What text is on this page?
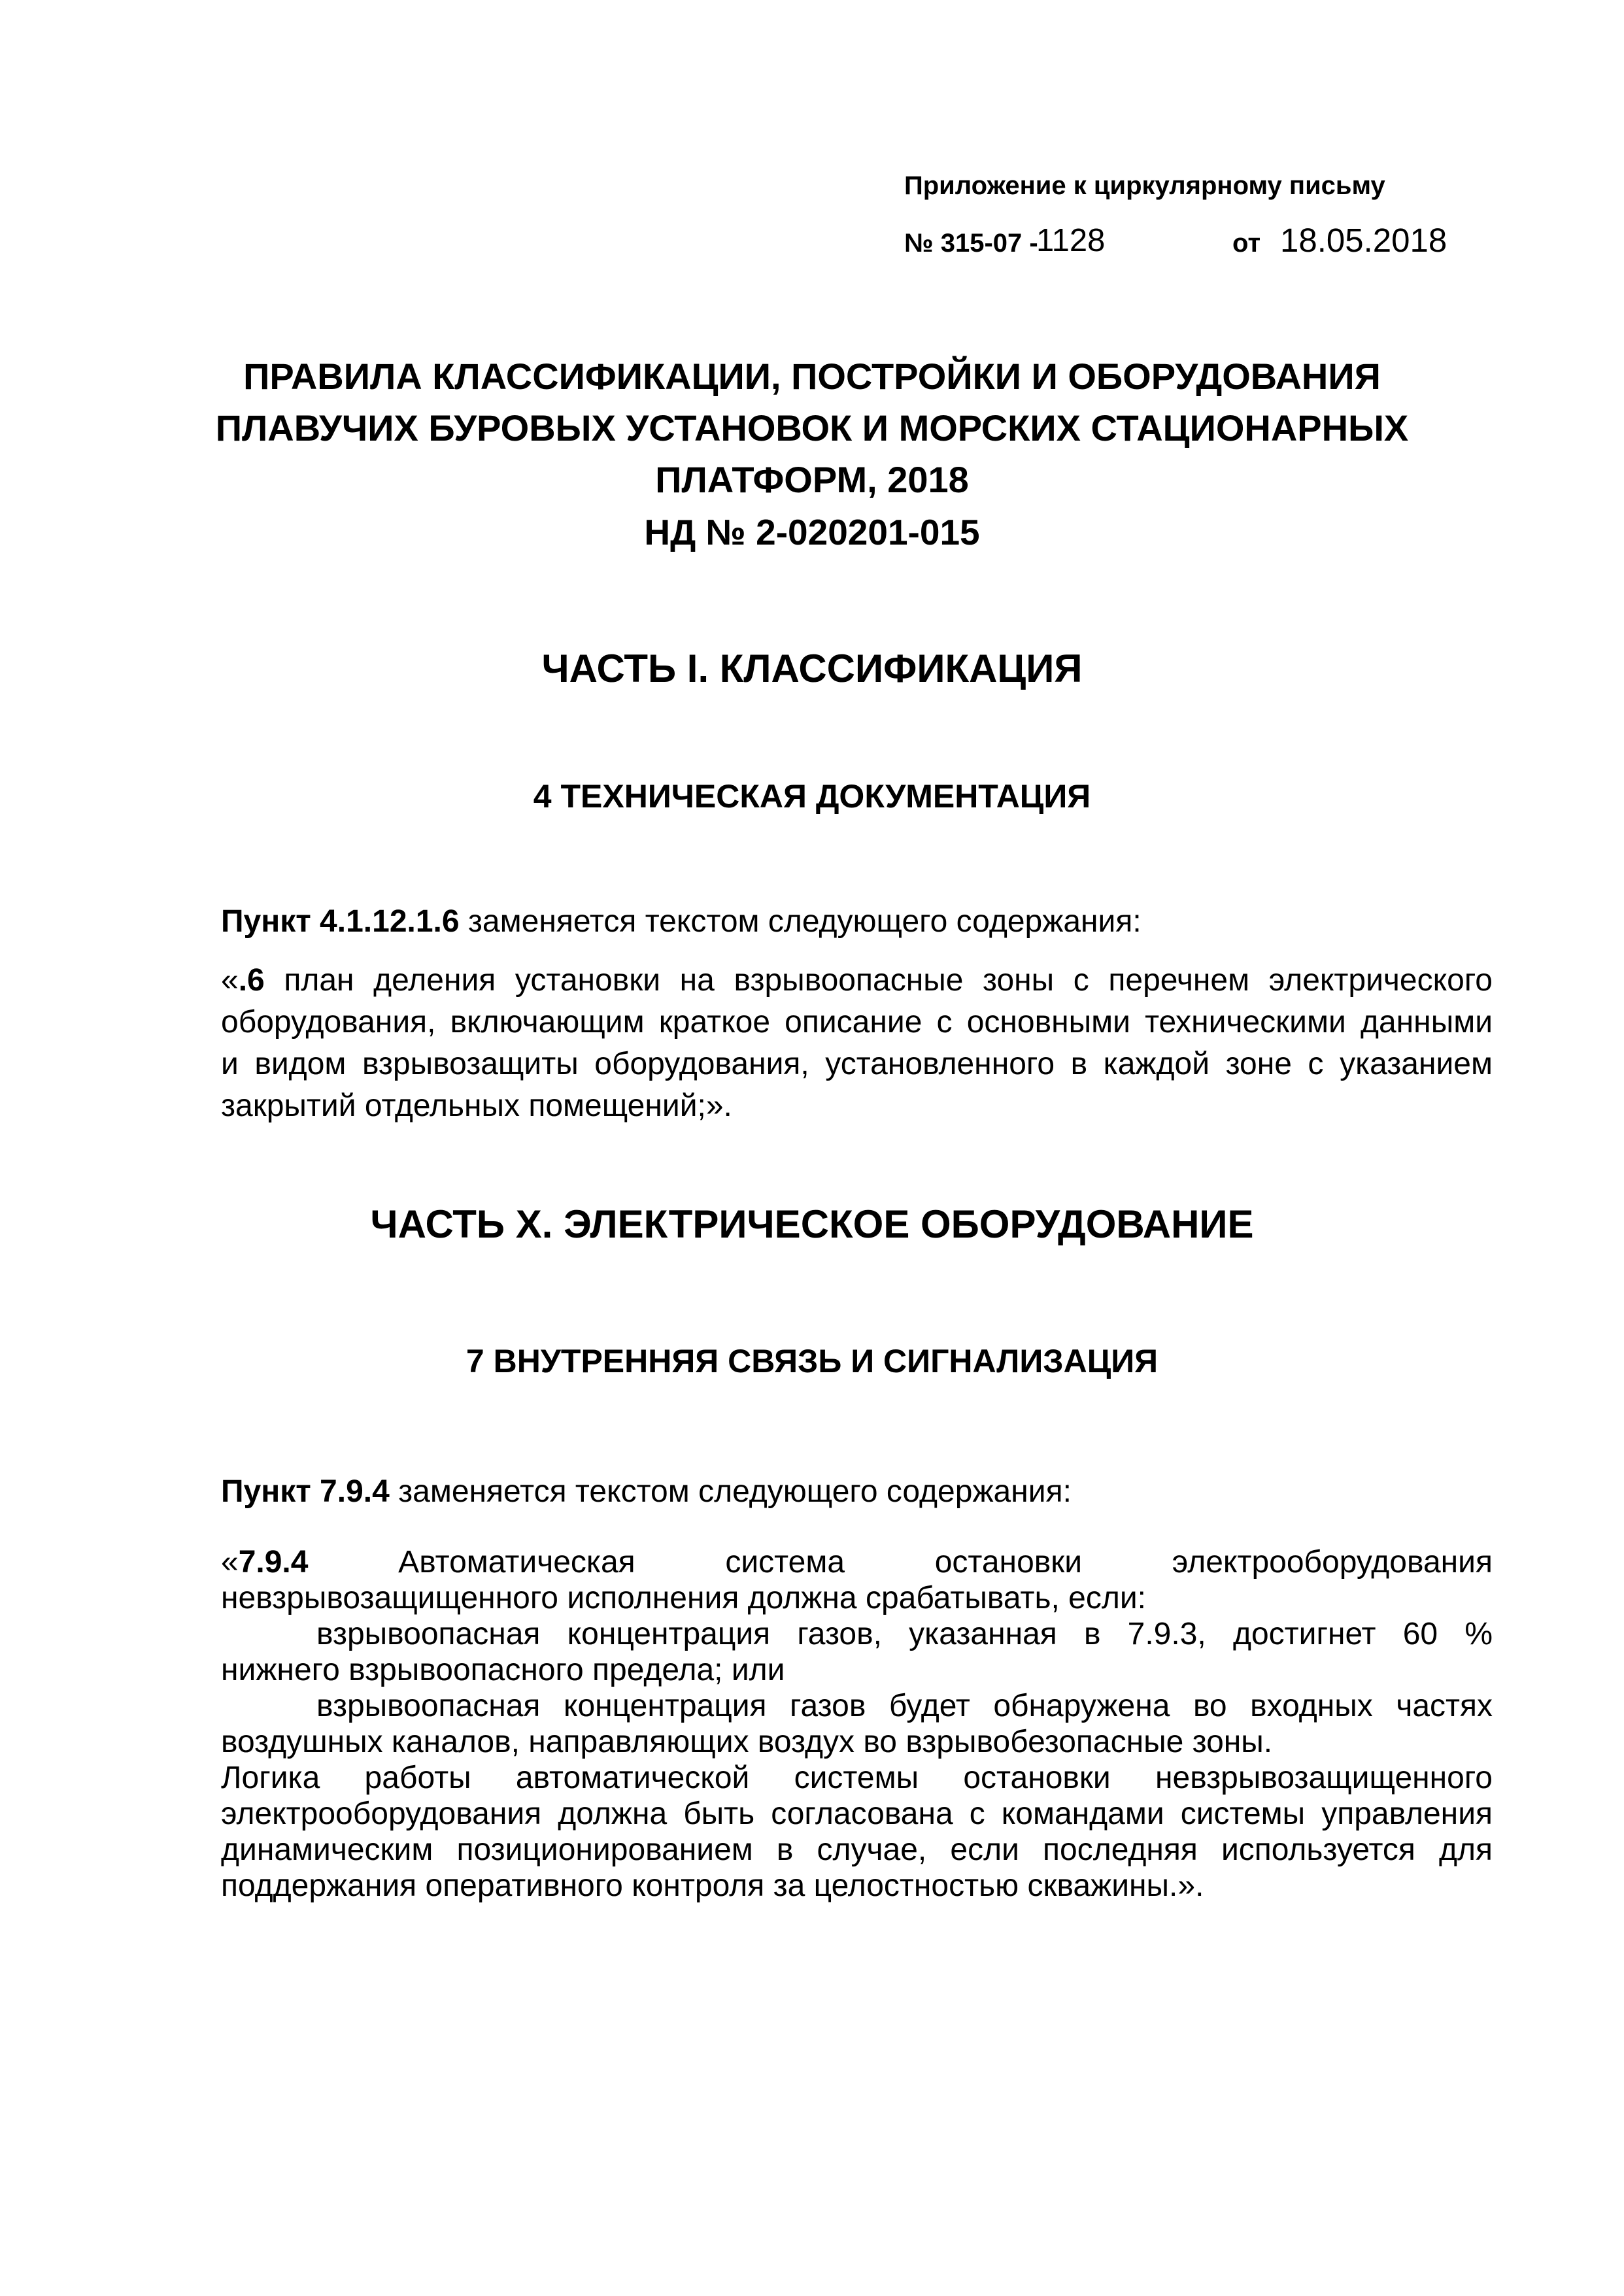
Приложение к циркулярному письму
№ 315-07 -
1128	от 18.05.2018
ПРАВИЛА КЛАССИФИКАЦИИ, ПОСТРОЙКИ И ОБОРУДОВАНИЯ
ПЛАВУЧИХ БУРОВЫХ УСТАНОВОК И МОРСКИХ СТАЦИОНАРНЫХ
ПЛАТФОРМ, 2018
НД № 2-020201-015
ЧАСТЬ I. КЛАССИФИКАЦИЯ
4 ТЕХНИЧЕСКАЯ ДОКУМЕНТАЦИЯ
Пункт 4.1.12.1.6 заменяется текстом следующего содержания:
«.6 план деления установки на взрывоопасные зоны с перечнем электрического
оборудования, включающим краткое описание с основными техническими данными
и видом взрывозащиты оборудования, установленного в каждой зоне с указанием
закрытий отдельных помещений;».
ЧАСТЬ X. ЭЛЕКТРИЧЕСКОЕ ОБОРУДОВАНИЕ
7 ВНУТРЕННЯЯ СВЯЗЬ И СИГНАЛИЗАЦИЯ
Пункт 7.9.4 заменяется текстом следующего содержания:
«7.9.4	Автоматическая	система	остановки	электрооборудования
невзрывозащищенного исполнения должна срабатывать, если:
взрывоопасная концентрация газов, указанная в 7.9.3, достигнет 60 %
нижнего взрывоопасного предела; или
взрывоопасная концентрация газов будет обнаружена во входных частях
воздушных каналов, направляющих воздух во взрывобезопасные зоны.
Логика работы автоматической системы остановки невзрывозащищенного
электрооборудования должна быть согласована с командами системы управления
динамическим позиционированием в случае, если последняя используется для
поддержания оперативного контроля за целостностью скважины.».
